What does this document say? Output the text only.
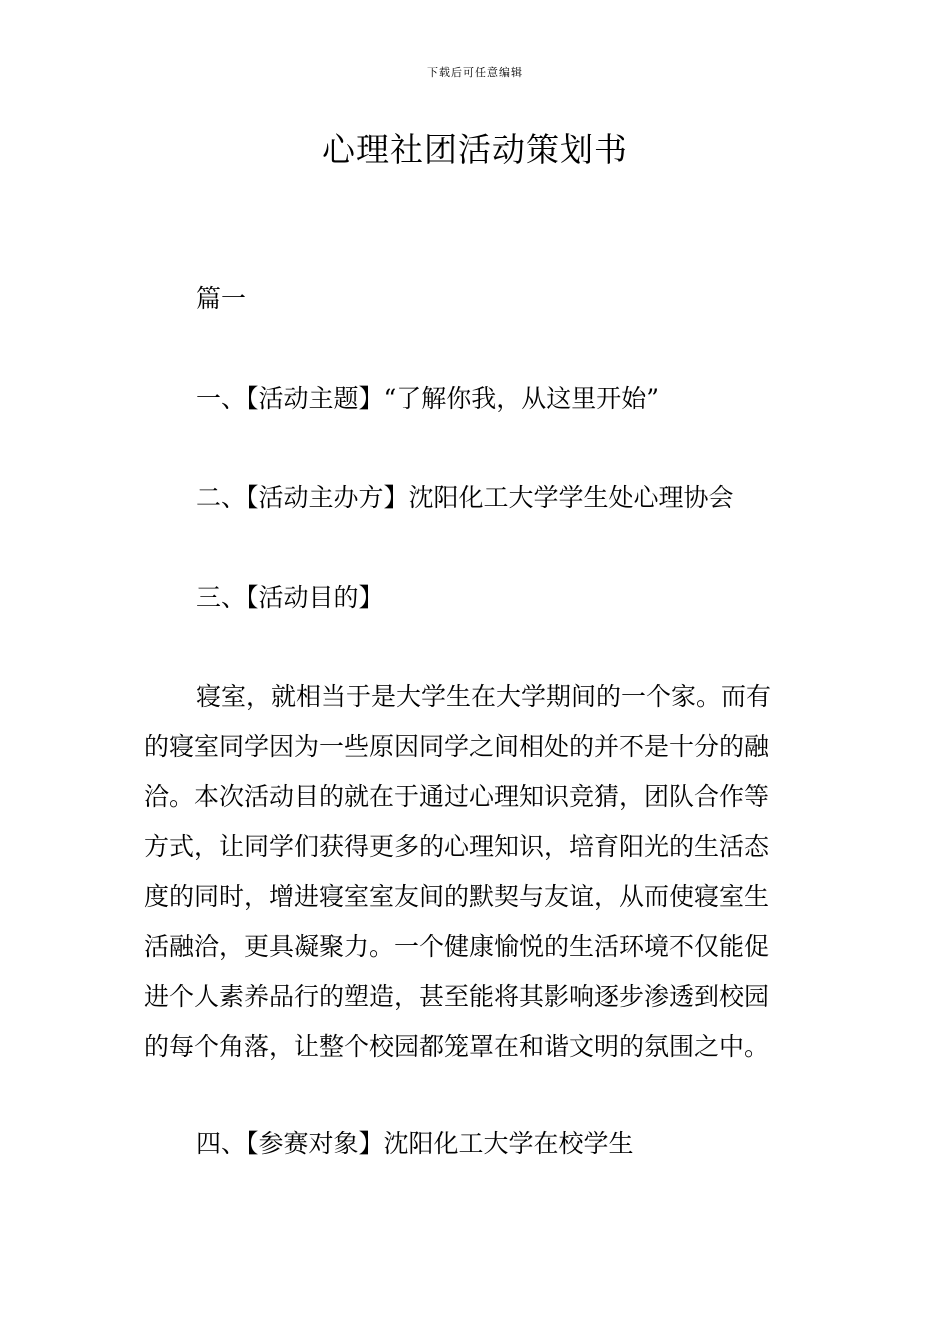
下载后可任意编辑
心理社团活动策划书

篇一

一、【活动主题】“了解你我，从这里开始”

二、【活动主办方】沈阳化工大学学生处心理协会

三、【活动目的】

寝室，就相当于是大学生在大学期间的一个家。而有
的寝室同学因为一些原因同学之间相处的并不是十分的融
洽。本次活动目的就在于通过心理知识竞猜，团队合作等
方式，让同学们获得更多的心理知识，培育阳光的生活态
度的同时，增进寝室室友间的默契与友谊，从而使寝室生
活融洽，更具凝聚力。一个健康愉悦的生活环境不仅能促
进个人素养品行的塑造，甚至能将其影响逐步渗透到校园
的每个角落，让整个校园都笼罩在和谐文明的氛围之中。

四、【参赛对象】沈阳化工大学在校学生
